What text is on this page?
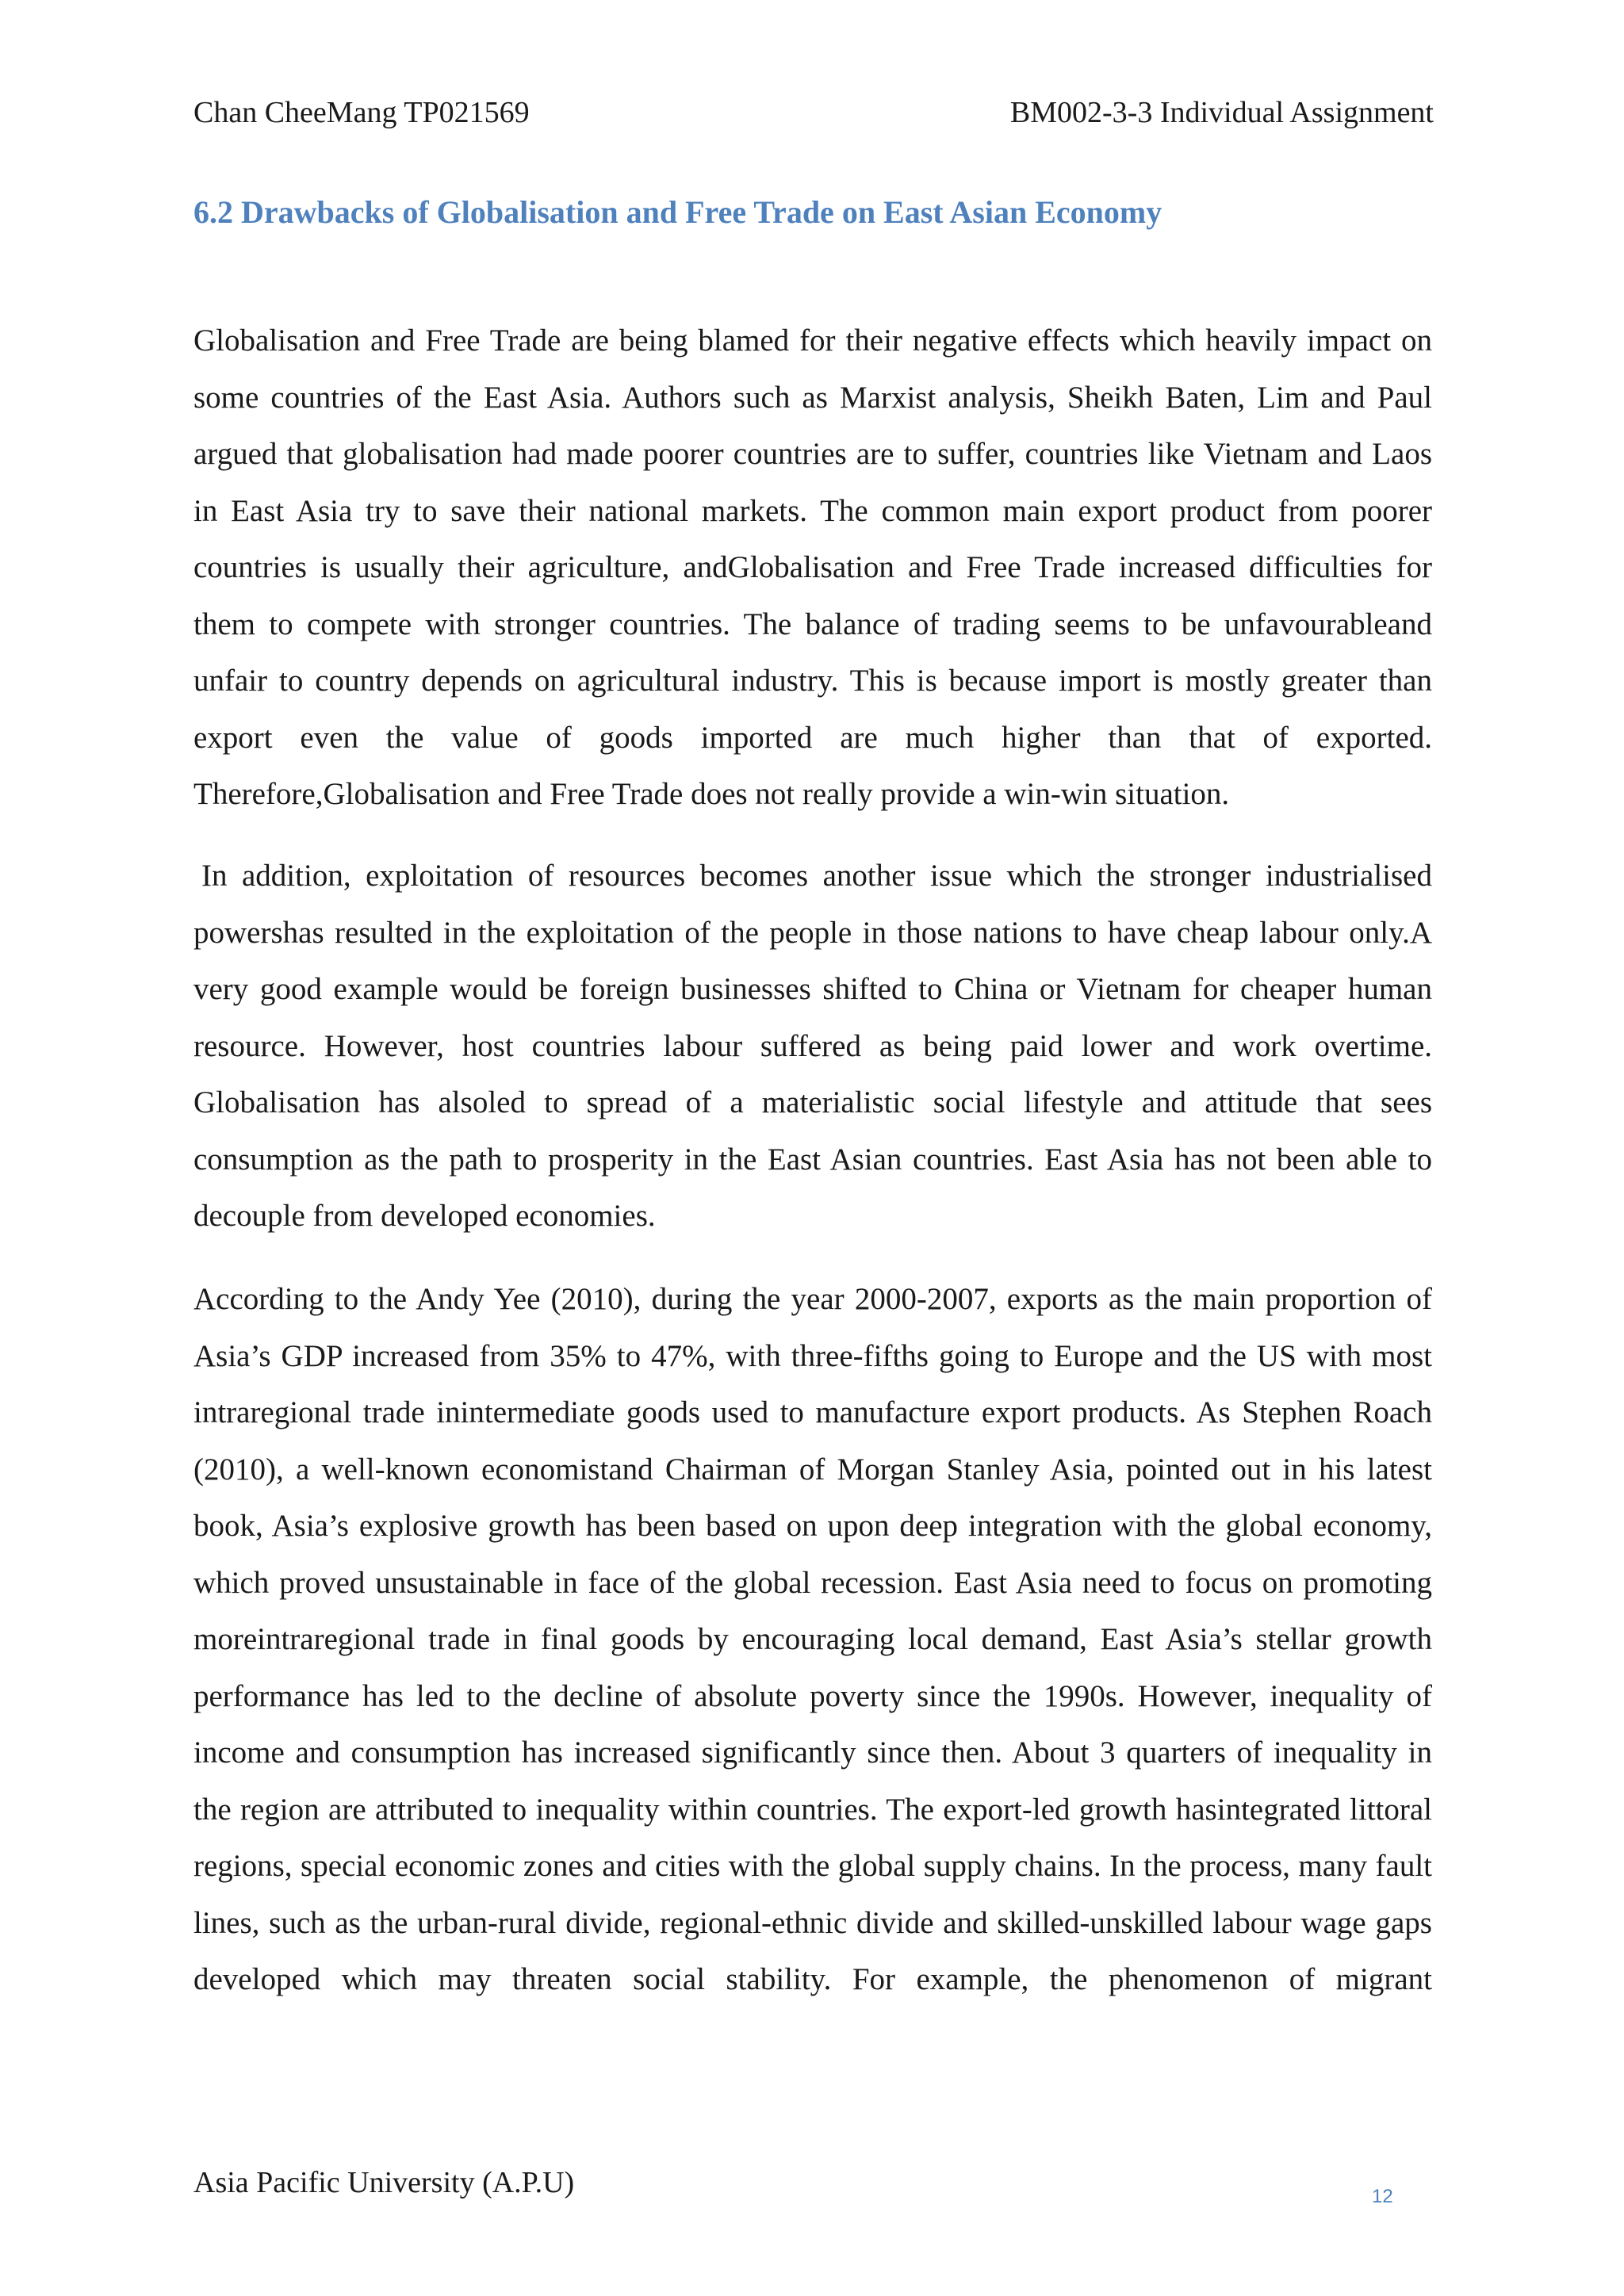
Chan CheeMang TP021569	BM002-3-3 Individual Assignment
6.2 Drawbacks of Globalisation and Free Trade on East Asian Economy

Globalisation and Free Trade are being blamed for their negative effects which heavily impact on some countries of the East Asia. Authors such as Marxist analysis, Sheikh Baten, Lim and Paul argued that globalisation had made poorer countries are to suffer, countries like Vietnam and Laos in East Asia try to save their national markets. The common main export product from poorer countries is usually their agriculture, andGlobalisation and Free Trade increased difficulties for them to compete with stronger countries. The balance of trading seems to be unfavourableand unfair to country depends on agricultural industry. This is because import is mostly greater than export even the value of goods imported are much higher than that of exported. Therefore,Globalisation and Free Trade does not really provide a win-win situation.

In addition, exploitation of resources becomes another issue which the stronger industrialised powershas resulted in the exploitation of the people in those nations to have cheap labour only.A very good example would be foreign businesses shifted to China or Vietnam for cheaper human resource. However, host countries labour suffered as being paid lower and work overtime. Globalisation has alsoled to spread of a materialistic social lifestyle and attitude that sees consumption as the path to prosperity in the East Asian countries. East Asia has not been able to decouple from developed economies.

According to the Andy Yee (2010), during the year 2000-2007, exports as the main proportion of Asia’s GDP increased from 35% to 47%, with three-fifths going to Europe and the US with most intraregional trade inintermediate goods used to manufacture export products. As Stephen Roach (2010), a well-known economistand Chairman of Morgan Stanley Asia, pointed out in his latest book, Asia’s explosive growth has been based on upon deep integration with the global economy, which proved unsustainable in face of the global recession. East Asia need to focus on promoting moreintraregional trade in final goods by encouraging local demand, East Asia’s stellar growth performance has led to the decline of absolute poverty since the 1990s. However, inequality of income and consumption has increased significantly since then. About 3 quarters of inequality in the region are attributed to inequality within countries. The export-led growth hasintegrated littoral regions, special economic zones and cities with the global supply chains. In the process, many fault lines, such as the urban-rural divide, regional-ethnic divide and skilled-unskilled labour wage gaps developed which may threaten social stability. For example, the phenomenon of migrant

Asia Pacific University (A.P.U)	12
